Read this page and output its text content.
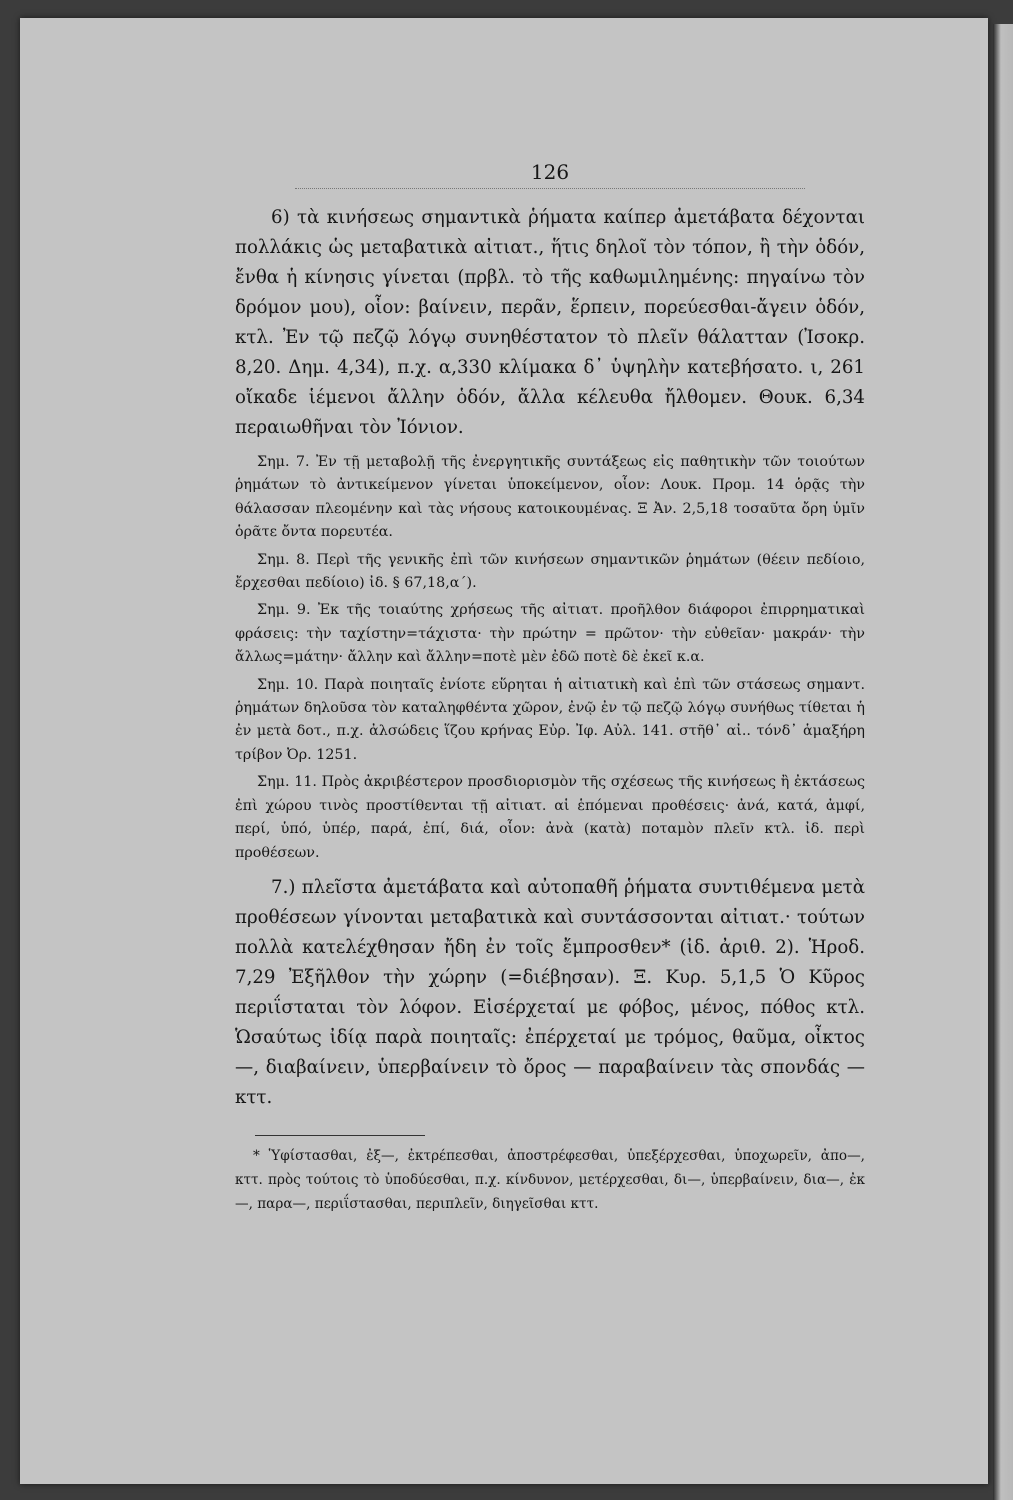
126

6) τὰ κινήσεως σημαντικὰ ῥήματα καίπερ ἀμετάβατα δέχονται πολλάκις ὡς μεταβατικὰ αἰτιατ., ἥτις δηλοῖ τὸν τόπον, ἢ τὴν ὁδόν, ἔνθα ἡ κίνησις γίνεται (πρβλ. τὸ τῆς καθωμιλημένης: πηγαίνω τὸν δρόμον μου), οἷον: βαίνειν, περᾶν, ἕρπειν, πορεύεσθαι-ἄγειν ὁδόν, κτλ. Ἐν τῷ πεζῷ λόγῳ συνηθέστατον τὸ πλεῖν θάλατταν (Ἰσοκρ. 8,20. Δημ. 4,34), π.χ. α,330 κλίμακα δ᾽ ὑψηλὴν κατεβήσατο. ι, 261 οἴκαδε ἱέμενοι ἄλλην ὁδόν, ἄλλα κέλευθα ἤλθομεν. Θουκ. 6,34 περαιωθῆναι τὸν Ἰόνιον.

Σημ. 7. Ἐν τῇ μεταβολῇ τῆς ἐνεργητικῆς συντάξεως εἰς παθητικὴν τῶν τοιούτων ῥημάτων τὸ ἀντικείμενον γίνεται ὑποκείμενον, οἷον: Λουκ. Προμ. 14 ὁρᾷς τὴν θάλασσαν πλεομένην καὶ τὰς νήσους κατοικουμένας. Ξ Ἀν. 2,5,18 τοσαῦτα ὄρη ὑμῖν ὁρᾶτε ὄντα πορευτέα.

Σημ. 8. Περὶ τῆς γενικῆς ἐπὶ τῶν κινήσεων σημαντικῶν ῥημάτων (θέειν πεδίοιο, ἔρχεσθαι πεδίοιο) ἰδ. § 67,18,α΄).

Σημ. 9. Ἐκ τῆς τοιαύτης χρήσεως τῆς αἰτιατ. προῆλθον διάφοροι ἐπιρρηματικαὶ φράσεις: τὴν ταχίστην=τάχιστα· τὴν πρώτην = πρῶτον· τὴν εὐθεῖαν· μακράν· τὴν ἄλλως=μάτην· ἄλλην καὶ ἄλλην=ποτὲ μὲν ἐδῶ ποτὲ δὲ ἐκεῖ κ.α.

Σημ. 10. Παρὰ ποιηταῖς ἐνίοτε εὕρηται ἡ αἰτιατικὴ καὶ ἐπὶ τῶν στάσεως σημαντ. ῥημάτων δηλοῦσα τὸν καταληφθέντα χῶρον, ἐνῷ ἐν τῷ πεζῷ λόγῳ συνήθως τίθεται ἡ ἐν μετὰ δοτ., π.χ. ἀλσώδεις ἵζου κρήνας Εὐρ. Ἰφ. Αὐλ. 141. στῆθ᾽ αἰ.. τόνδ᾽ ἁμαξήρη τρίβον Ὀρ. 1251.

Σημ. 11. Πρὸς ἀκριβέστερον προσδιορισμὸν τῆς σχέσεως τῆς κινήσεως ἢ ἐκτάσεως ἐπὶ χώρου τινὸς προστίθενται τῇ αἰτιατ. αἱ ἑπόμεναι προθέσεις· ἀνά, κατά, ἀμφί, περί, ὑπό, ὑπέρ, παρά, ἐπί, διά, οἷον: ἀνὰ (κατὰ) ποταμὸν πλεῖν κτλ. ἰδ. περὶ προθέσεων.

7.) πλεῖστα ἀμετάβατα καὶ αὐτοπαθῆ ῥήματα συντιθέμενα μετὰ προθέσεων γίνονται μεταβατικὰ καὶ συντάσσονται αἰτιατ.· τούτων πολλὰ κατελέχθησαν ἤδη ἐν τοῖς ἔμπροσθεν* (ἰδ. ἀριθ. 2). Ἡροδ. 7,29 Ἐξῆλθον τὴν χώρην (=διέβησαν). Ξ. Κυρ. 5,1,5 Ὁ Κῦρος περιΐσταται τὸν λόφον. Εἰσέρχεταί με φόβος, μένος, πόθος κτλ. Ὡσαύτως ἰδίᾳ παρὰ ποιηταῖς: ἐπέρχεταί με τρόμος, θαῦμα, οἶκτος —, διαβαίνειν, ὑπερβαίνειν τὸ ὄρος — παραβαίνειν τὰς σπονδάς — κττ.

* Ὑφίστασθαι, ἐξ—, ἐκτρέπεσθαι, ἀποστρέφεσθαι, ὑπεξέρχεσθαι, ὑποχωρεῖν, ἀπο—, κττ. πρὸς τούτοις τὸ ὑποδύεσθαι, π.χ. κίνδυνον, μετέρχεσθαι, δι—, ὑπερβαίνειν, δια—, ἐκ—, παρα—, περιΐστασθαι, περιπλεῖν, διηγεῖσθαι κττ.
